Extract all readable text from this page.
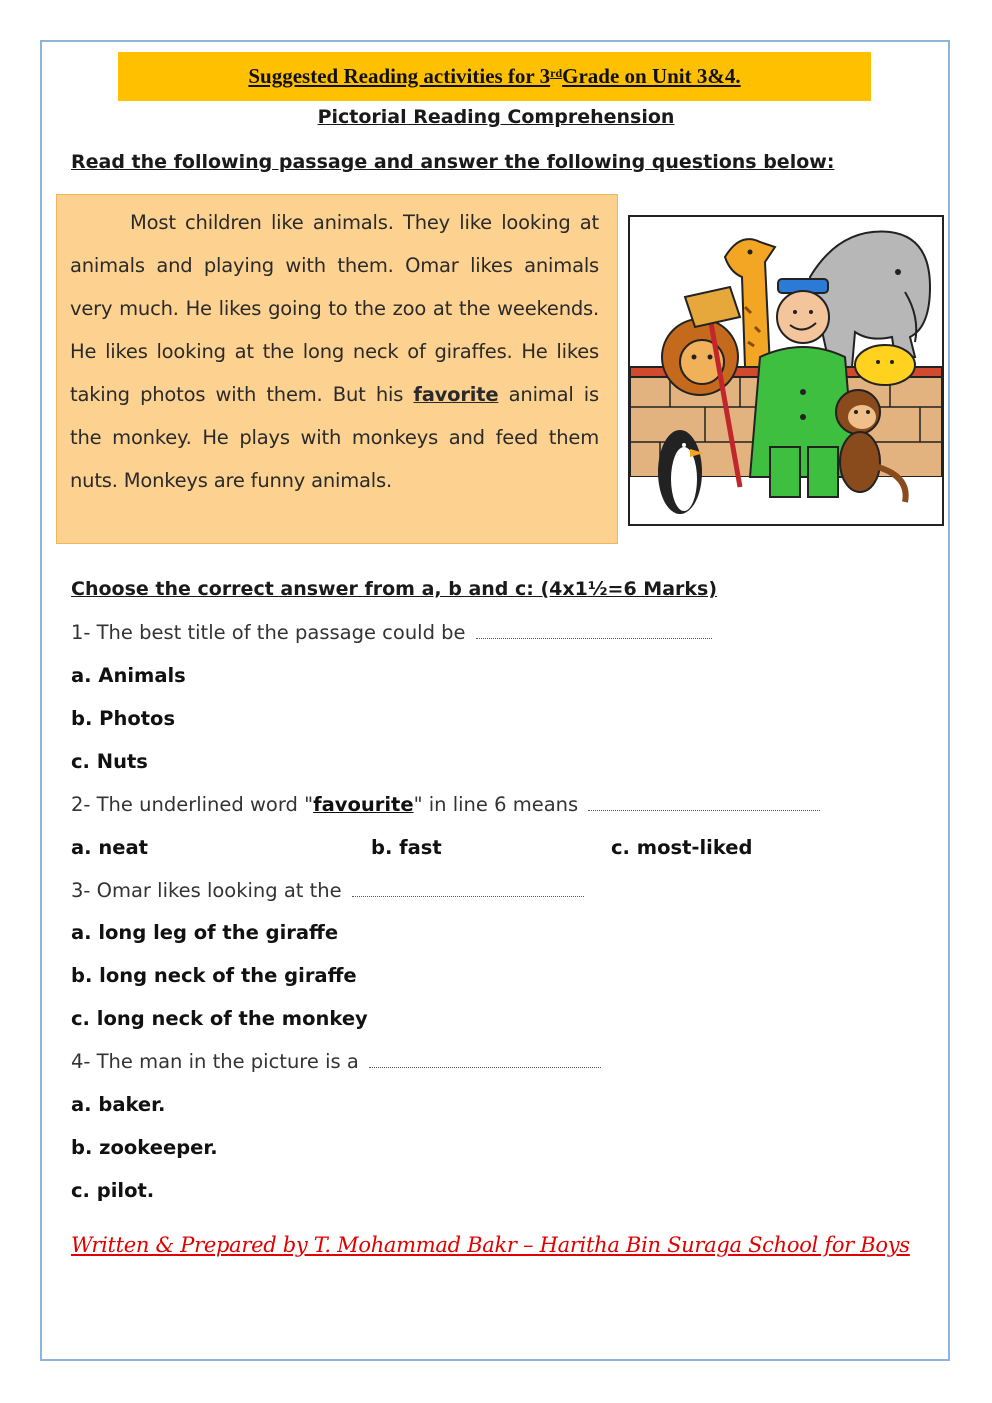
Suggested Reading activities for 3rd Grade on Unit 3&4.
Pictorial Reading Comprehension
Read the following passage and answer the following questions below:

Most children like animals. They like looking at animals and playing with them. Omar likes animals very much. He likes going to the zoo at the weekends. He likes looking at the long neck of giraffes. He likes taking photos with them. But his favorite animal is the monkey. He plays with monkeys and feed them nuts. Monkeys are funny animals.

Choose the correct answer from a, b and c: (4x1½=6 Marks)
1- The best title of the passage could be
a. Animals
b. Photos
c. Nuts
2- The underlined word "favourite" in line 6 means
a. neat	b. fast	c. most-liked
3- Omar likes looking at the
a. long leg of the giraffe
b. long neck of the giraffe
c. long neck of the monkey
4- The man in the picture is a
a. baker.
b. zookeeper.
c. pilot.
Written & Prepared by T. Mohammad Bakr – Haritha Bin Suraga School for Boys
